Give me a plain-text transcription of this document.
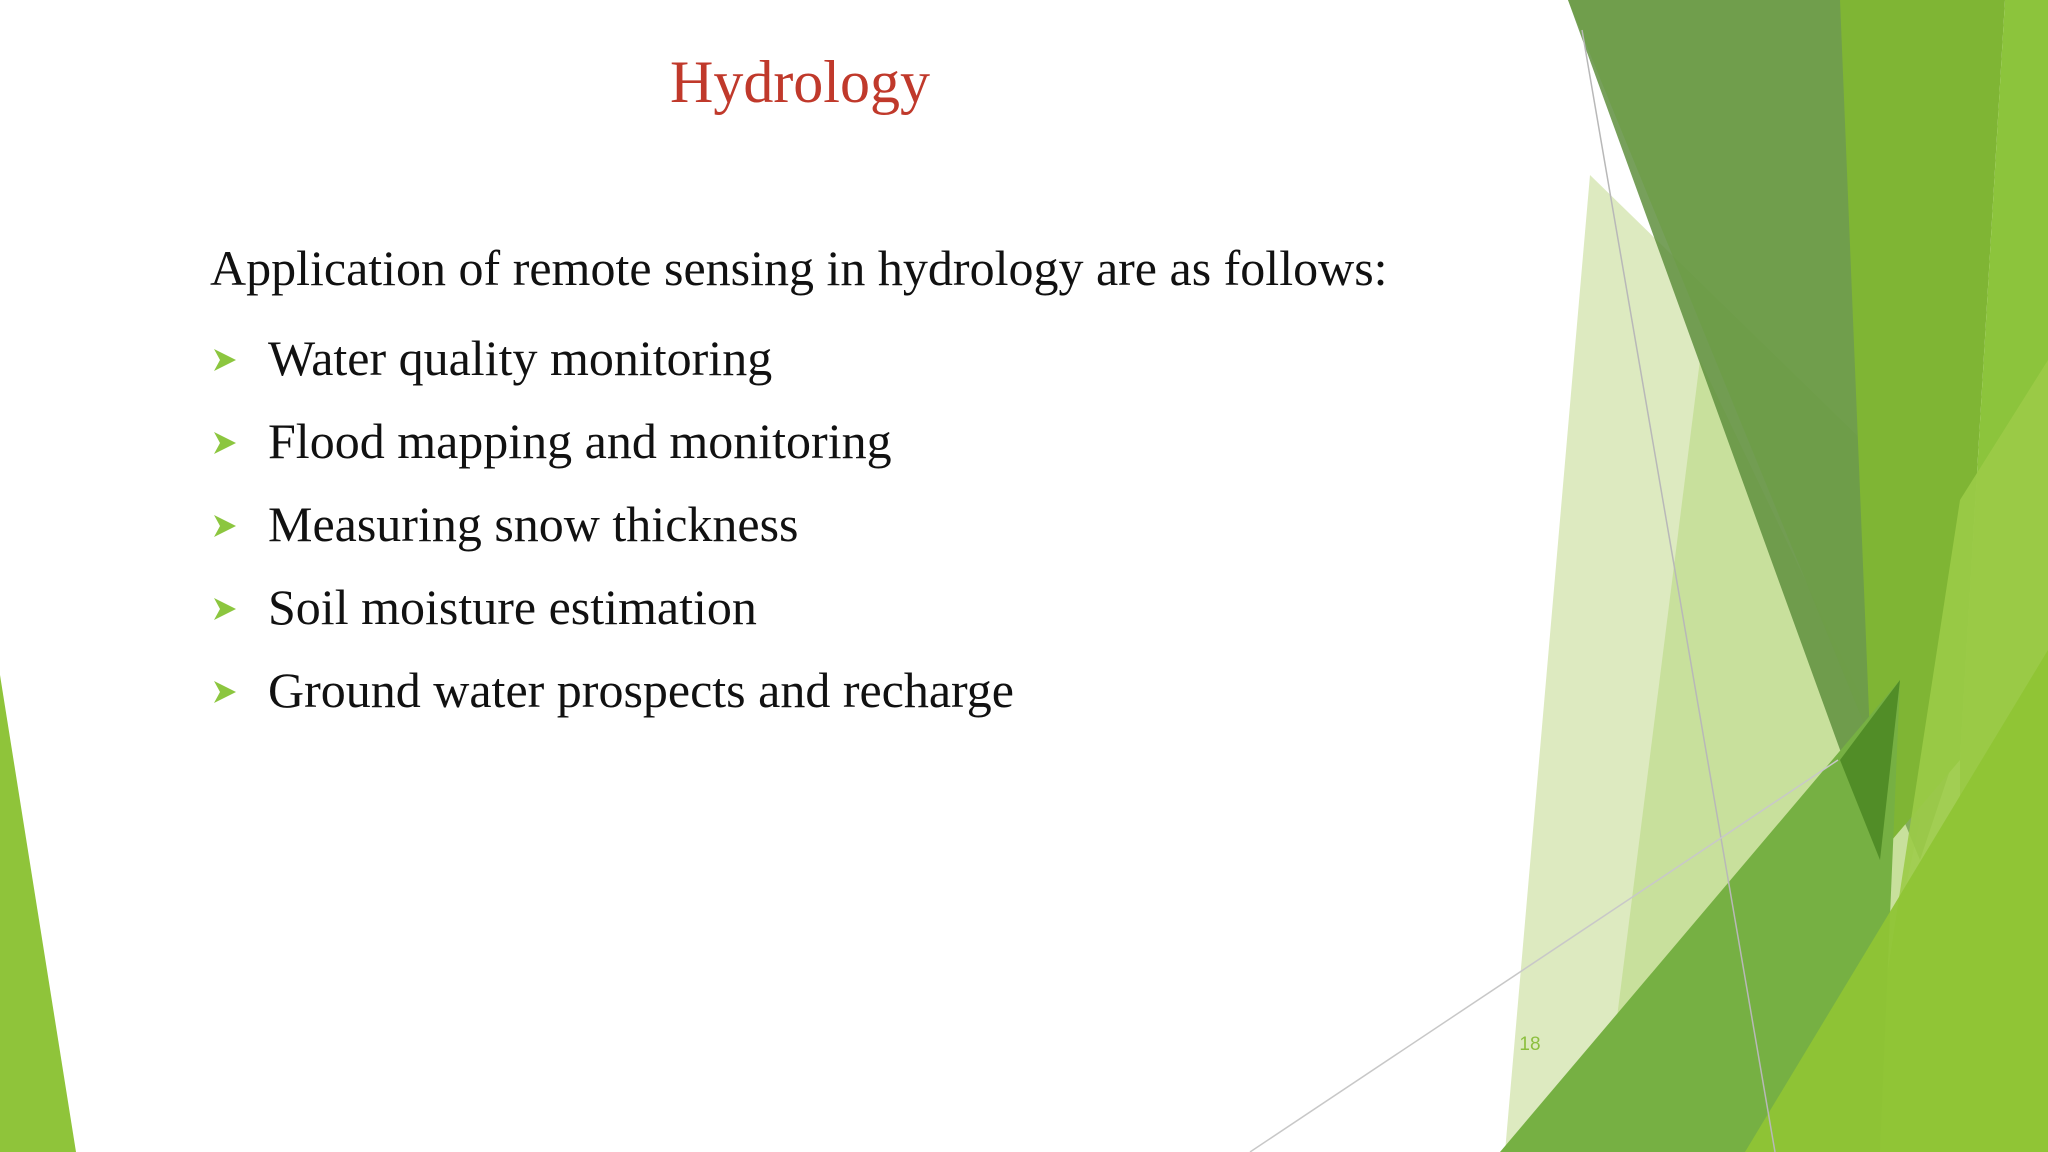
Hydrology

Application of remote sensing in hydrology are as follows:

Water quality monitoring
Flood mapping and monitoring
Measuring snow thickness
Soil moisture estimation
Ground water prospects and recharge
18
